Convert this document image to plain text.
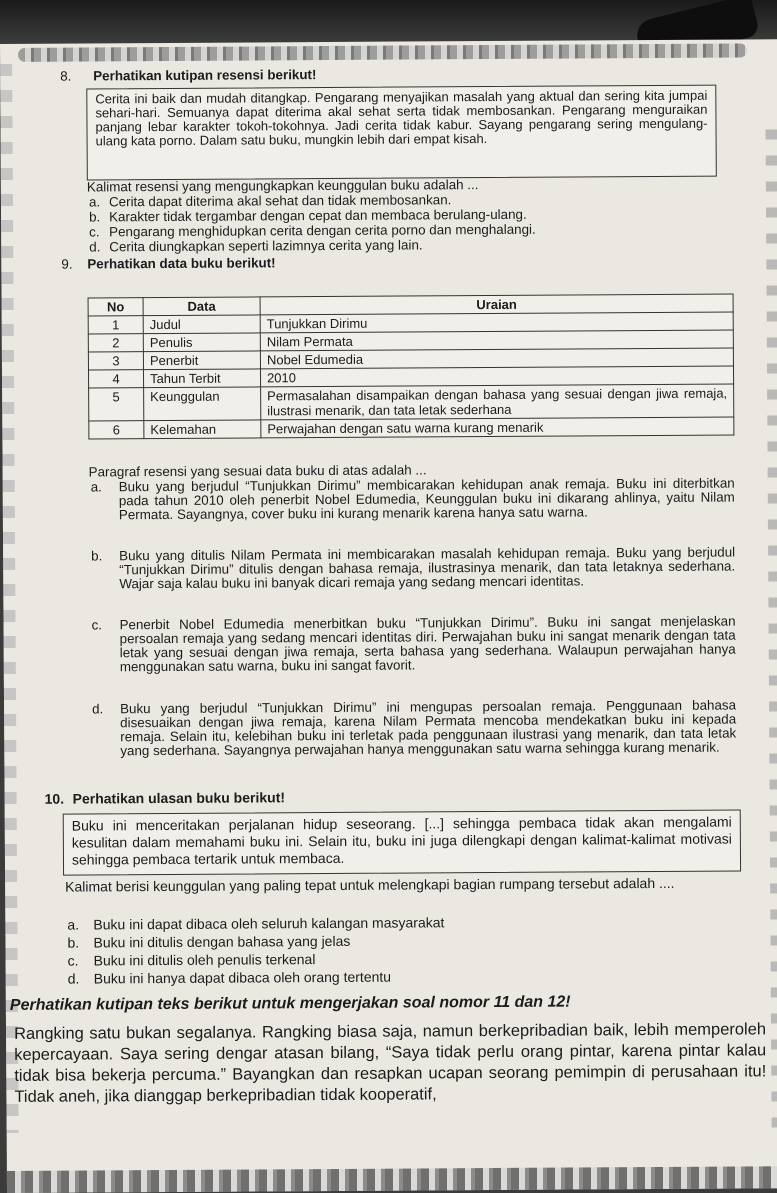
8. Perhatikan kutipan resensi berikut!
Cerita ini baik dan mudah ditangkap. Pengarang menyajikan masalah yang aktual dan sering kita jumpai sehari-hari. Semuanya dapat diterima akal sehat serta tidak membosankan. Pengarang menguraikan panjang lebar karakter tokoh-tokohnya. Jadi cerita tidak kabur. Sayang pengarang sering mengulang-ulang kata porno. Dalam satu buku, mungkin lebih dari empat kisah.
Kalimat resensi yang mengungkapkan keunggulan buku adalah ...
a. Cerita dapat diterima akal sehat dan tidak membosankan.
b. Karakter tidak tergambar dengan cepat dan membaca berulang-ulang.
c. Pengarang menghidupkan cerita dengan cerita porno dan menghalangi.
d. Cerita diungkapkan seperti lazimnya cerita yang lain.
9. Perhatikan data buku berikut!
No	Data	Uraian
1	Judul	Tunjukkan Dirimu
2	Penulis	Nilam Permata
3	Penerbit	Nobel Edumedia
4	Tahun Terbit	2010
5	Keunggulan	Permasalahan disampaikan dengan bahasa yang sesuai dengan jiwa remaja, ilustrasi menarik, dan tata letak sederhana
6	Kelemahan	Perwajahan dengan satu warna kurang menarik
Paragraf resensi yang sesuai data buku di atas adalah ...
a. Buku yang berjudul “Tunjukkan Dirimu” membicarakan kehidupan anak remaja. Buku ini diterbitkan pada tahun 2010 oleh penerbit Nobel Edumedia, Keunggulan buku ini dikarang ahlinya, yaitu Nilam Permata. Sayangnya, cover buku ini kurang menarik karena hanya satu warna.
b. Buku yang ditulis Nilam Permata ini membicarakan masalah kehidupan remaja. Buku yang berjudul “Tunjukkan Dirimu” ditulis dengan bahasa remaja, ilustrasinya menarik, dan tata letaknya sederhana. Wajar saja kalau buku ini banyak dicari remaja yang sedang mencari identitas.
c. Penerbit Nobel Edumedia menerbitkan buku “Tunjukkan Dirimu”. Buku ini sangat menjelaskan persoalan remaja yang sedang mencari identitas diri. Perwajahan buku ini sangat menarik dengan tata letak yang sesuai dengan jiwa remaja, serta bahasa yang sederhana. Walaupun perwajahan hanya menggunakan satu warna, buku ini sangat favorit.
d. Buku yang berjudul “Tunjukkan Dirimu” ini mengupas persoalan remaja. Penggunaan bahasa disesuaikan dengan jiwa remaja, karena Nilam Permata mencoba mendekatkan buku ini kepada remaja. Selain itu, kelebihan buku ini terletak pada penggunaan ilustrasi yang menarik, dan tata letak yang sederhana. Sayangnya perwajahan hanya menggunakan satu warna sehingga kurang menarik.
10. Perhatikan ulasan buku berikut!
Buku ini menceritakan perjalanan hidup seseorang. [...] sehingga pembaca tidak akan mengalami kesulitan dalam memahami buku ini. Selain itu, buku ini juga dilengkapi dengan kalimat-kalimat motivasi sehingga pembaca tertarik untuk membaca.
Kalimat berisi keunggulan yang paling tepat untuk melengkapi bagian rumpang tersebut adalah ....
a. Buku ini dapat dibaca oleh seluruh kalangan masyarakat
b. Buku ini ditulis dengan bahasa yang jelas
c. Buku ini ditulis oleh penulis terkenal
d. Buku ini hanya dapat dibaca oleh orang tertentu
Perhatikan kutipan teks berikut untuk mengerjakan soal nomor 11 dan 12!
Rangking satu bukan segalanya. Rangking biasa saja, namun berkepribadian baik, lebih memperoleh kepercayaan. Saya sering dengar atasan bilang, “Saya tidak perlu orang pintar, karena pintar kalau tidak bisa bekerja percuma.” Bayangkan dan resapkan ucapan seorang pemimpin di perusahaan itu! Tidak aneh, jika dianggap berkepribadian tidak kooperatif,
